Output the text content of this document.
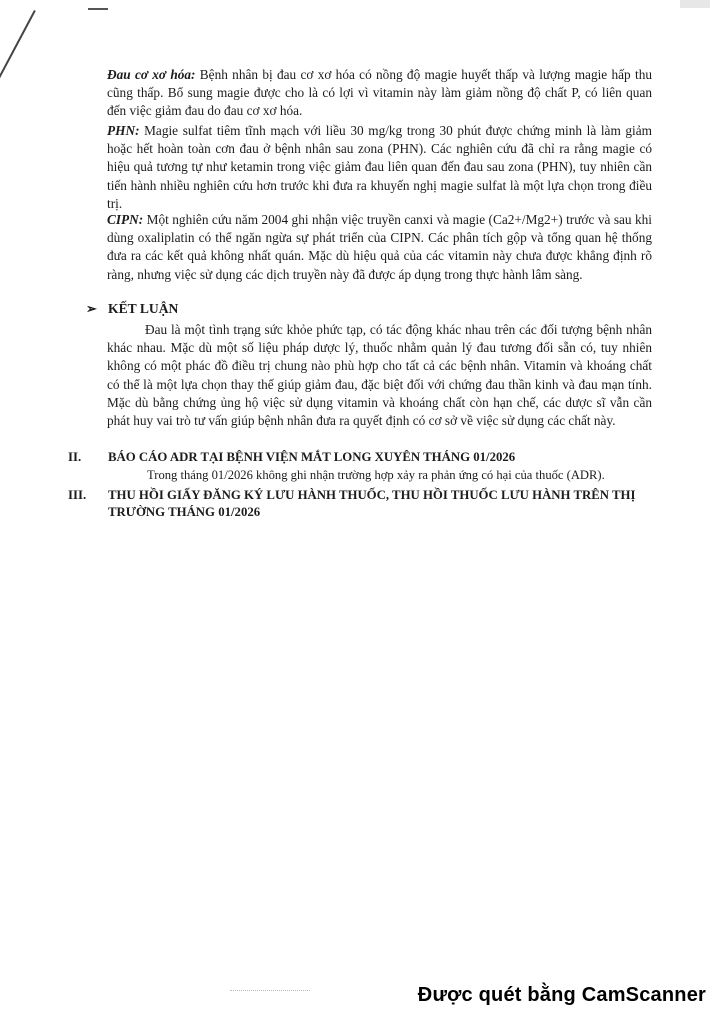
Đau cơ xơ hóa: Bệnh nhân bị đau cơ xơ hóa có nồng độ magie huyết thấp và lượng magie hấp thu cũng thấp. Bổ sung magie được cho là có lợi vì vitamin này làm giảm nồng độ chất P, có liên quan đến việc giảm đau do đau cơ xơ hóa.

PHN: Magie sulfat tiêm tĩnh mạch với liều 30 mg/kg trong 30 phút được chứng minh là làm giảm hoặc hết hoàn toàn cơn đau ở bệnh nhân sau zona (PHN). Các nghiên cứu đã chỉ ra rằng magie có hiệu quả tương tự như ketamin trong việc giảm đau liên quan đến đau sau zona (PHN), tuy nhiên cần tiến hành nhiều nghiên cứu hơn trước khi đưa ra khuyến nghị magie sulfat là một lựa chọn trong điều trị.

CIPN: Một nghiên cứu năm 2004 ghi nhận việc truyền canxi và magie (Ca2+/Mg2+) trước và sau khi dùng oxaliplatin có thể ngăn ngừa sự phát triển của CIPN. Các phân tích gộp và tổng quan hệ thống đưa ra các kết quả không nhất quán. Mặc dù hiệu quả của các vitamin này chưa được khẳng định rõ ràng, nhưng việc sử dụng các dịch truyền này đã được áp dụng trong thực hành lâm sàng.

➢ KẾT LUẬN

Đau là một tình trạng sức khỏe phức tạp, có tác động khác nhau trên các đối tượng bệnh nhân khác nhau. Mặc dù một số liệu pháp dược lý, thuốc nhằm quản lý đau tương đối sẵn có, tuy nhiên không có một phác đồ điều trị chung nào phù hợp cho tất cả các bệnh nhân. Vitamin và khoáng chất có thể là một lựa chọn thay thế giúp giảm đau, đặc biệt đối với chứng đau thần kinh và đau mạn tính. Mặc dù bằng chứng ủng hộ việc sử dụng vitamin và khoáng chất còn hạn chế, các dược sĩ vẫn cần phát huy vai trò tư vấn giúp bệnh nhân đưa ra quyết định có cơ sở về việc sử dụng các chất này.

II.	BÁO CÁO ADR TẠI BỆNH VIỆN MẮT LONG XUYÊN THÁNG 01/2026
Trong tháng 01/2026 không ghi nhận trường hợp xảy ra phản ứng có hại của thuốc (ADR).
III.	THU HỒI GIẤY ĐĂNG KÝ LƯU HÀNH THUỐC, THU HỒI THUỐC LƯU HÀNH TRÊN THỊ TRƯỜNG THÁNG 01/2026
Được quét bằng CamScanner
